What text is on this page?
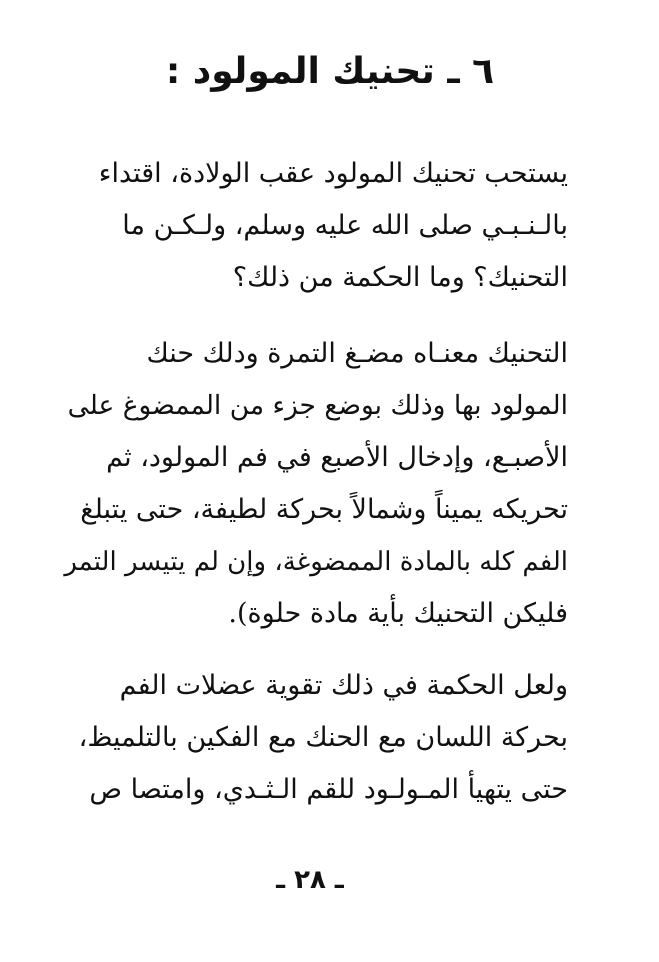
٦ ـ تحنيك المولود :
يستحب تحنيك المولود عقب الولادة، اقتداء
بالـنـبـي صلى الله عليه وسلم، ولـكـن ما
التحنيك؟ وما الحكمة من ذلك؟
التحنيك معنـاه مضـغ التمرة ودلك حنك
المولود بها وذلك بوضع جزء من الممضوغ على
الأصبـع، وإدخال الأصبع في فم المولود، ثم
تحريكه يميناً وشمالاً بحركة لطيفة، حتى يتبلغ
الفم كله بالمادة الممضوغة، وإن لم يتيسر التمر
فليكن التحنيك بأية مادة حلوة).
ولعل الحكمة في ذلك تقوية عضلات الفم
بحركة اللسان مع الحنك مع الفكين بالتلميظ،
حتى يتهيأ المـولـود للقم الـثـدي، وامتصا ص
ـ ٢٨ ـ
